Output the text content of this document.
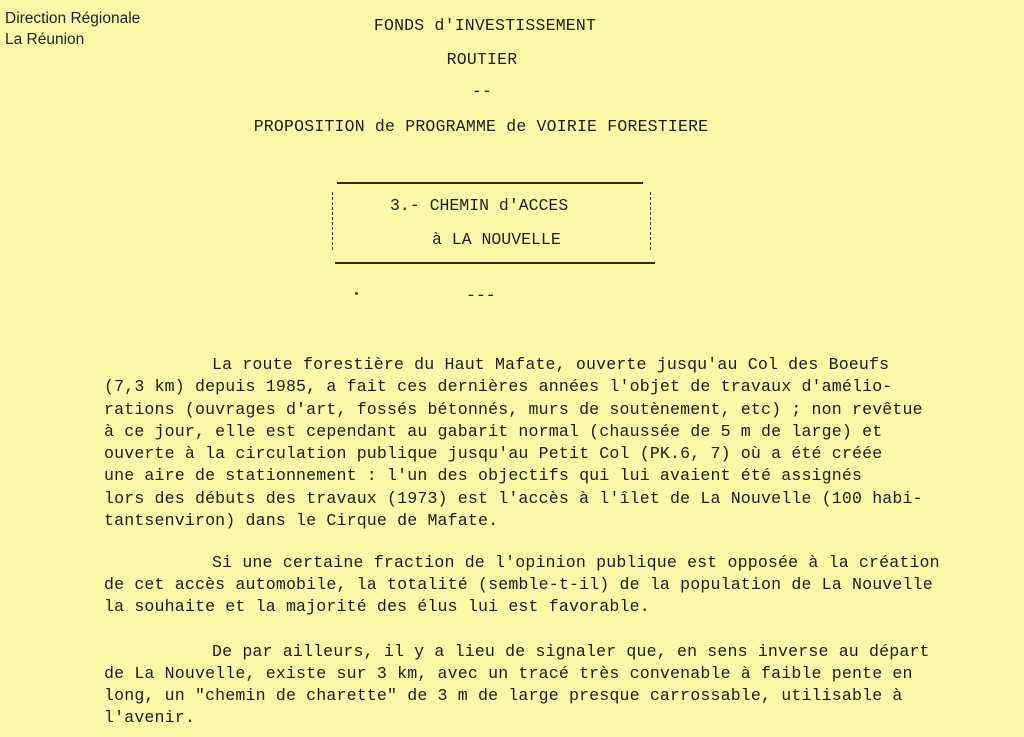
Direction Régionale
La Réunion
FONDS d'INVESTISSEMENT
ROUTIER
--
PROPOSITION de PROGRAMME de VOIRIE FORESTIERE
3.- CHEMIN d'ACCES
à LA NOUVELLE
---
La route forestière du Haut Mafate, ouverte jusqu'au Col des Boeufs
(7,3 km) depuis 1985, a fait ces dernières années l'objet de travaux d'amélio-
rations (ouvrages d'art, fossés bétonnés, murs de soutènement, etc) ; non revêtue
à ce jour, elle est cependant au gabarit normal (chaussée de 5 m de large) et
ouverte à la circulation publique jusqu'au Petit Col (PK.6, 7) où a été créée
une aire de stationnement : l'un des objectifs qui lui avaient été assignés
lors des débuts des travaux (1973) est l'accès à l'îlet de La Nouvelle (100 habi-
tantsenviron) dans le Cirque de Mafate.
Si une certaine fraction de l'opinion publique est opposée à la création
de cet accès automobile, la totalité (semble-t-il) de la population de La Nouvelle
la souhaite et la majorité des élus lui est favorable.
De par ailleurs, il y a lieu de signaler que, en sens inverse au départ
de La Nouvelle, existe sur 3 km, avec un tracé très convenable à faible pente en
long, un "chemin de charette" de 3 m de large presque carrossable, utilisable à
l'avenir.
